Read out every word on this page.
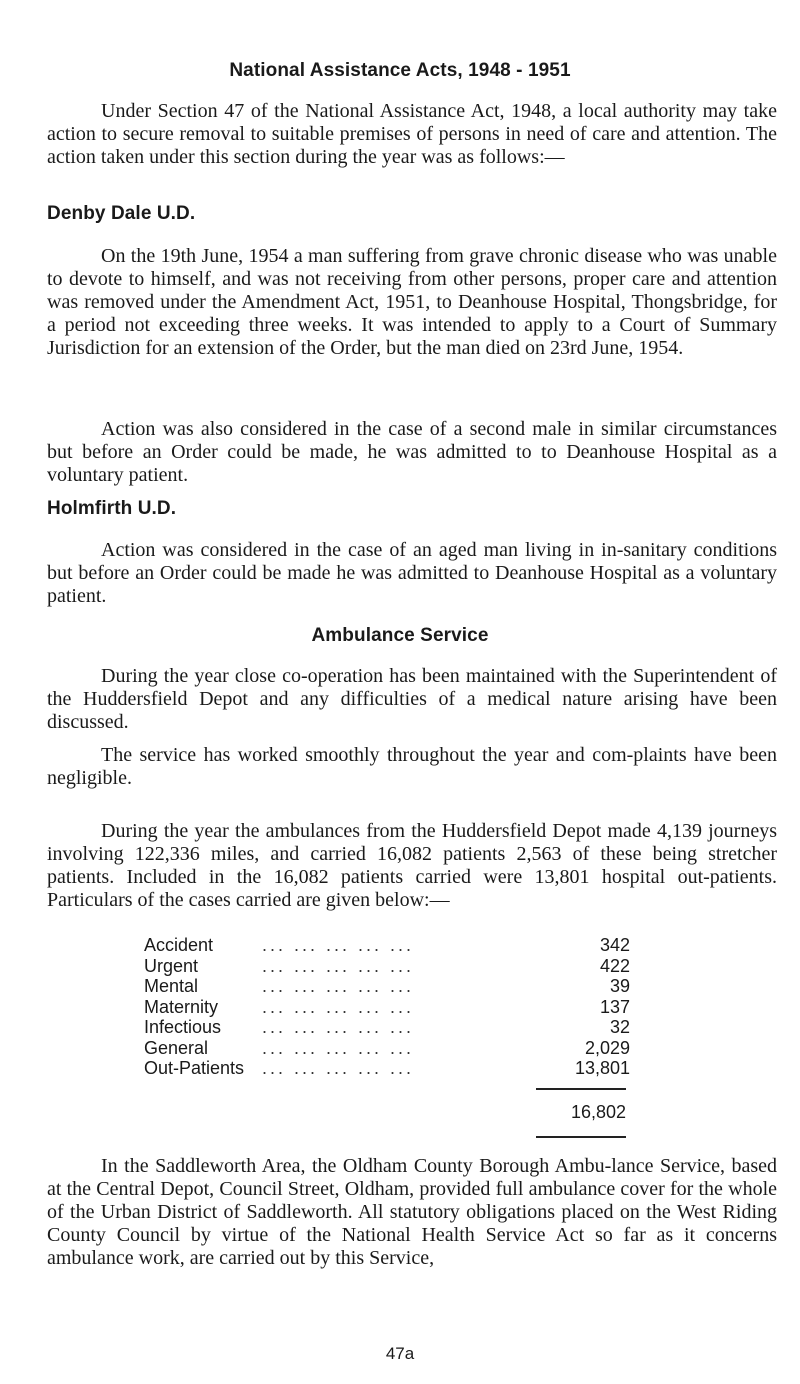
National Assistance Acts, 1948 - 1951

Under Section 47 of the National Assistance Act, 1948, a local authority may take action to secure removal to suitable premises of persons in need of care and attention. The action taken under this section during the year was as follows:—

Denby Dale U.D.

On the 19th June, 1954 a man suffering from grave chronic disease who was unable to devote to himself, and was not receiving from other persons, proper care and attention was removed under the Amendment Act, 1951, to Deanhouse Hospital, Thongsbridge, for a period not exceeding three weeks. It was intended to apply to a Court of Summary Jurisdiction for an extension of the Order, but the man died on 23rd June, 1954.

Action was also considered in the case of a second male in similar circumstances but before an Order could be made, he was admitted to to Deanhouse Hospital as a voluntary patient.

Holmfirth U.D.

Action was considered in the case of an aged man living in in-sanitary conditions but before an Order could be made he was admitted to Deanhouse Hospital as a voluntary patient.

Ambulance Service

During the year close co-operation has been maintained with the Superintendent of the Huddersfield Depot and any difficulties of a medical nature arising have been discussed.

The service has worked smoothly throughout the year and com-plaints have been negligible.

During the year the ambulances from the Huddersfield Depot made 4,139 journeys involving 122,336 miles, and carried 16,082 patients 2,563 of these being stretcher patients. Included in the 16,082 patients carried were 13,801 hospital out-patients. Particulars of the cases carried are given below:—

Accident	... ... ... ... ...	342
Urgent	... ... ... ... ...	422
Mental	... ... ... ... ...	39
Maternity ... ... ... ... ...	137
Infectious ... ... ... ... ...	32
General	... ... ... ... ...	2,029
Out-Patients ... ... ... ... ...	13,801
16,802

In the Saddleworth Area, the Oldham County Borough Ambu-lance Service, based at the Central Depot, Council Street, Oldham, provided full ambulance cover for the whole of the Urban District of Saddleworth. All statutory obligations placed on the West Riding County Council by virtue of the National Health Service Act so far as it concerns ambulance work, are carried out by this Service,

47a
